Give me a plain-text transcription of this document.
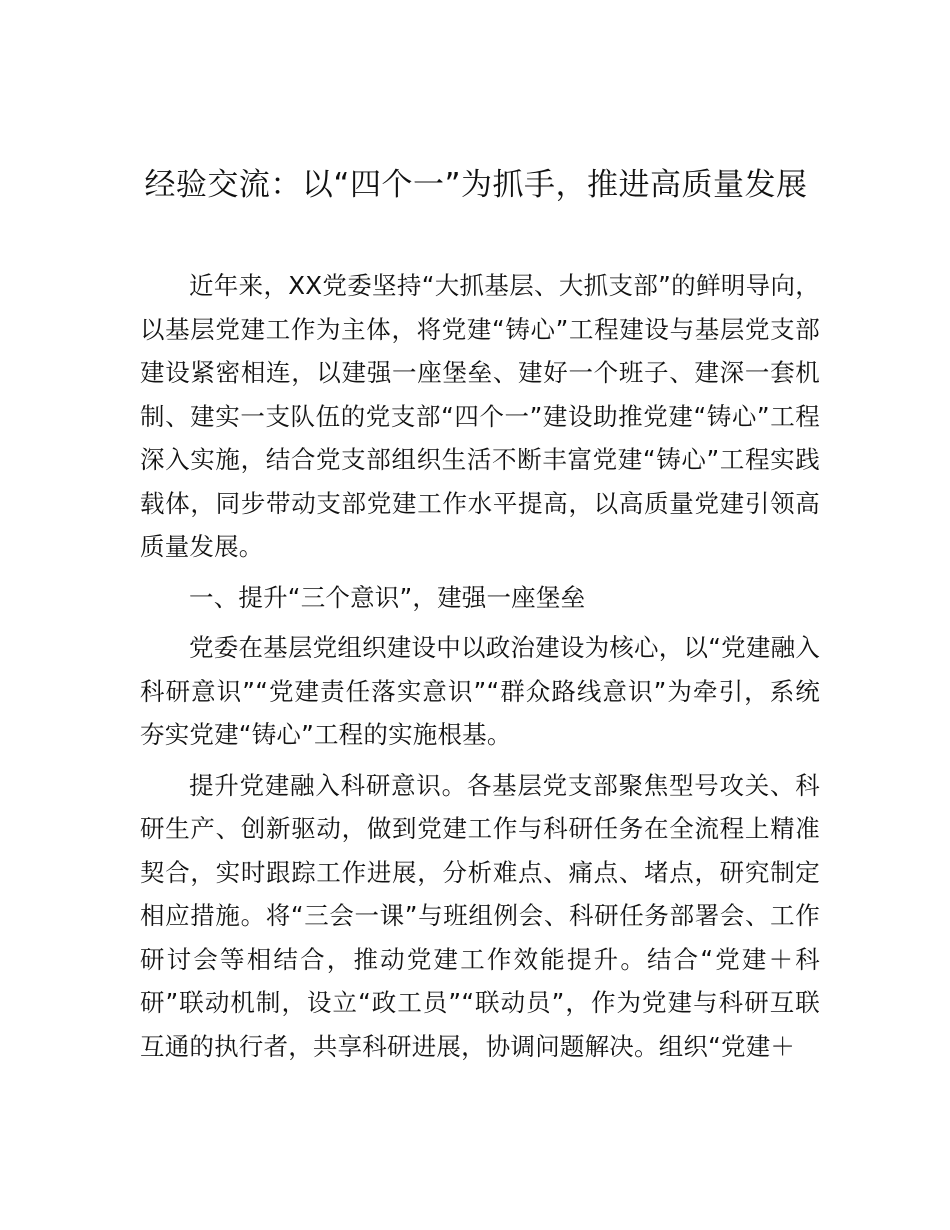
经验交流：以“四个一”为抓手，推进高质量发展

近年来，XX党委坚持“大抓基层、大抓支部”的鲜明导向，以基层党建工作为主体，将党建“铸心”工程建设与基层党支部建设紧密相连，以建强一座堡垒、建好一个班子、建深一套机制、建实一支队伍的党支部“四个一”建设助推党建“铸心”工程深入实施，结合党支部组织生活不断丰富党建“铸心”工程实践载体，同步带动支部党建工作水平提高，以高质量党建引领高质量发展。

一、提升“三个意识”，建强一座堡垒

党委在基层党组织建设中以政治建设为核心，以“党建融入科研意识”“党建责任落实意识”“群众路线意识”为牵引，系统夯实党建“铸心”工程的实施根基。

提升党建融入科研意识。各基层党支部聚焦型号攻关、科研生产、创新驱动，做到党建工作与科研任务在全流程上精准契合，实时跟踪工作进展，分析难点、痛点、堵点，研究制定相应措施。将“三会一课”与班组例会、科研任务部署会、工作研讨会等相结合，推动党建工作效能提升。结合“党建＋科研”联动机制，设立“政工员”“联动员”，作为党建与科研互联互通的执行者，共享科研进展，协调问题解决。组织“党建＋
